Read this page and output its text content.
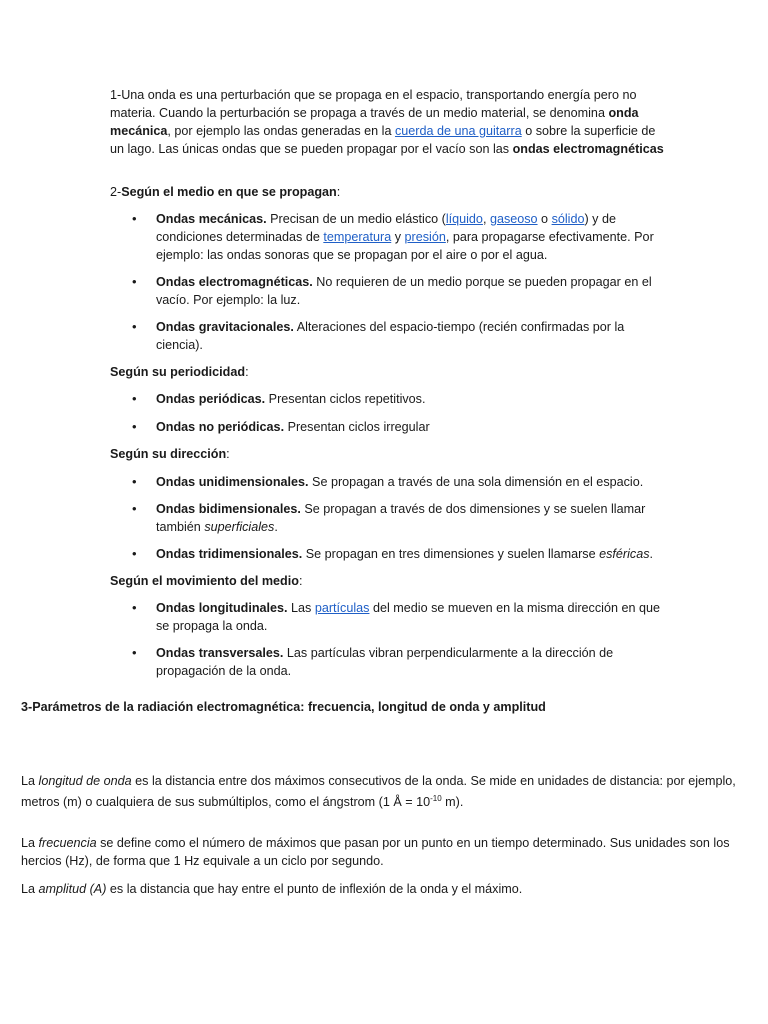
1-Una onda es una perturbación que se propaga en el espacio, transportando energía pero no materia. Cuando la perturbación se propaga a través de un medio material, se denomina onda mecánica, por ejemplo las ondas generadas en la cuerda de una guitarra o sobre la superficie de un lago. Las únicas ondas que se pueden propagar por el vacío son las ondas electromagnéticas

2-Según el medio en que se propagan:

• Ondas mecánicas. Precisan de un medio elástico (líquido, gaseoso o sólido) y de condiciones determinadas de temperatura y presión, para propagarse efectivamente. Por ejemplo: las ondas sonoras que se propagan por el aire o por el agua.
• Ondas electromagnéticas. No requieren de un medio porque se pueden propagar en el vacío. Por ejemplo: la luz.
• Ondas gravitacionales. Alteraciones del espacio-tiempo (recién confirmadas por la ciencia).

Según su periodicidad:

• Ondas periódicas. Presentan ciclos repetitivos.
• Ondas no periódicas. Presentan ciclos irregular

Según su dirección:

• Ondas unidimensionales. Se propagan a través de una sola dimensión en el espacio.
• Ondas bidimensionales. Se propagan a través de dos dimensiones y se suelen llamar también superficiales.
• Ondas tridimensionales. Se propagan en tres dimensiones y suelen llamarse esféricas.

Según el movimiento del medio:

• Ondas longitudinales. Las partículas del medio se mueven en la misma dirección en que se propaga la onda.
• Ondas transversales. Las partículas vibran perpendicularmente a la dirección de propagación de la onda.

3-Parámetros de la radiación electromagnética: frecuencia, longitud de onda y amplitud

La longitud de onda es la distancia entre dos máximos consecutivos de la onda. Se mide en unidades de distancia: por ejemplo, metros (m) o cualquiera de sus submúltiplos, como el ángstrom (1 Å = $10^{-10}$ m).

La frecuencia se define como el número de máximos que pasan por un punto en un tiempo determinado. Sus unidades son los hercios (Hz), de forma que 1 Hz equivale a un ciclo por segundo.

La amplitud (A) es la distancia que hay entre el punto de inflexión de la onda y el máximo.
